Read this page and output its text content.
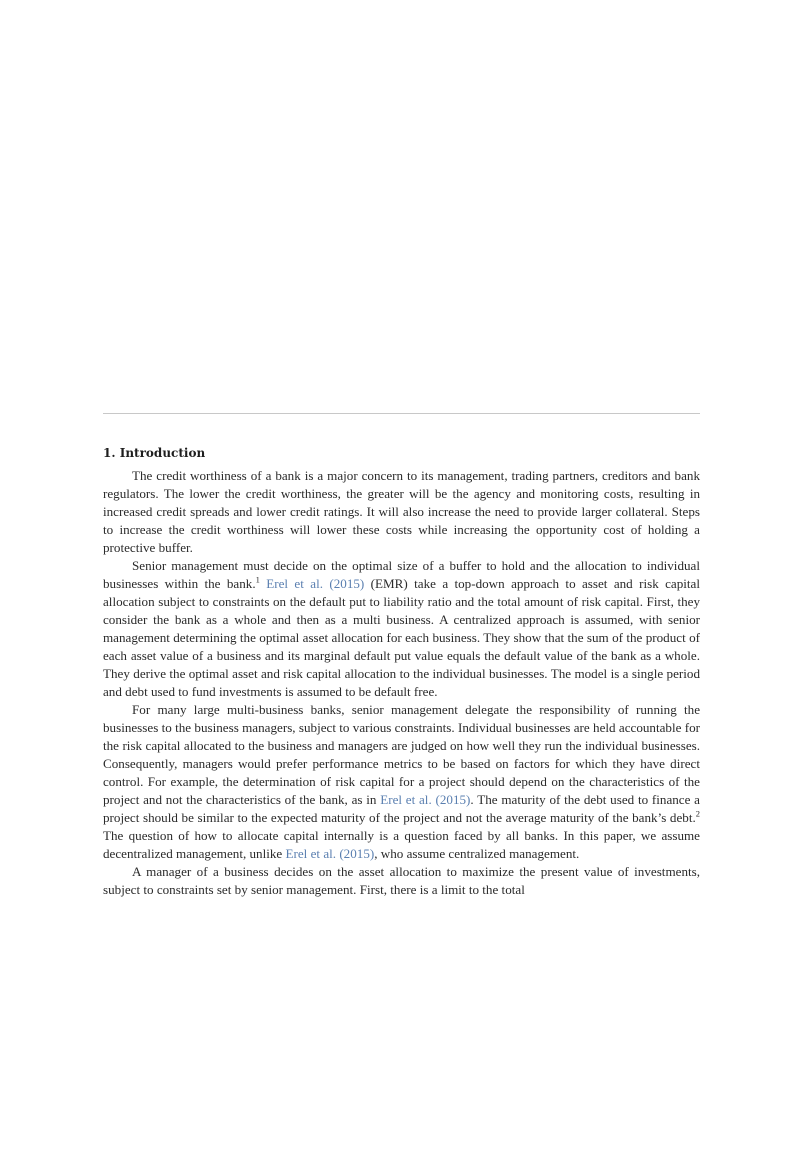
1. Introduction

The credit worthiness of a bank is a major concern to its management, trading partners, creditors and bank regulators. The lower the credit worthiness, the greater will be the agency and monitoring costs, resulting in increased credit spreads and lower credit ratings. It will also increase the need to provide larger collateral. Steps to increase the credit worthiness will lower these costs while increasing the opportunity cost of holding a protective buffer.

Senior management must decide on the optimal size of a buffer to hold and the allocation to individual businesses within the bank.$^1$ Erel et al. (2015) (EMR) take a top-down approach to asset and risk capital allocation subject to constraints on the default put to liability ratio and the total amount of risk capital. First, they consider the bank as a whole and then as a multi business. A centralized approach is assumed, with senior management determining the optimal asset allocation for each business. They show that the sum of the product of each asset value of a business and its marginal default put value equals the default value of the bank as a whole. They derive the optimal asset and risk capital allocation to the individual businesses. The model is a single period and debt used to fund investments is assumed to be default free.

For many large multi-business banks, senior management delegate the responsibility of running the businesses to the business managers, subject to various constraints. Individual businesses are held accountable for the risk capital allocated to the business and managers are judged on how well they run the individual businesses. Consequently, managers would prefer performance metrics to be based on factors for which they have direct control. For example, the determination of risk capital for a project should depend on the characteristics of the project and not the characteristics of the bank, as in Erel et al. (2015). The maturity of the debt used to finance a project should be similar to the expected maturity of the project and not the average maturity of the bank’s debt.$^2$ The question of how to allocate capital internally is a question faced by all banks. In this paper, we assume decentralized management, unlike Erel et al. (2015), who assume centralized management.

A manager of a business decides on the asset allocation to maximize the present value of investments, subject to constraints set by senior management. First, there is a limit to the total
